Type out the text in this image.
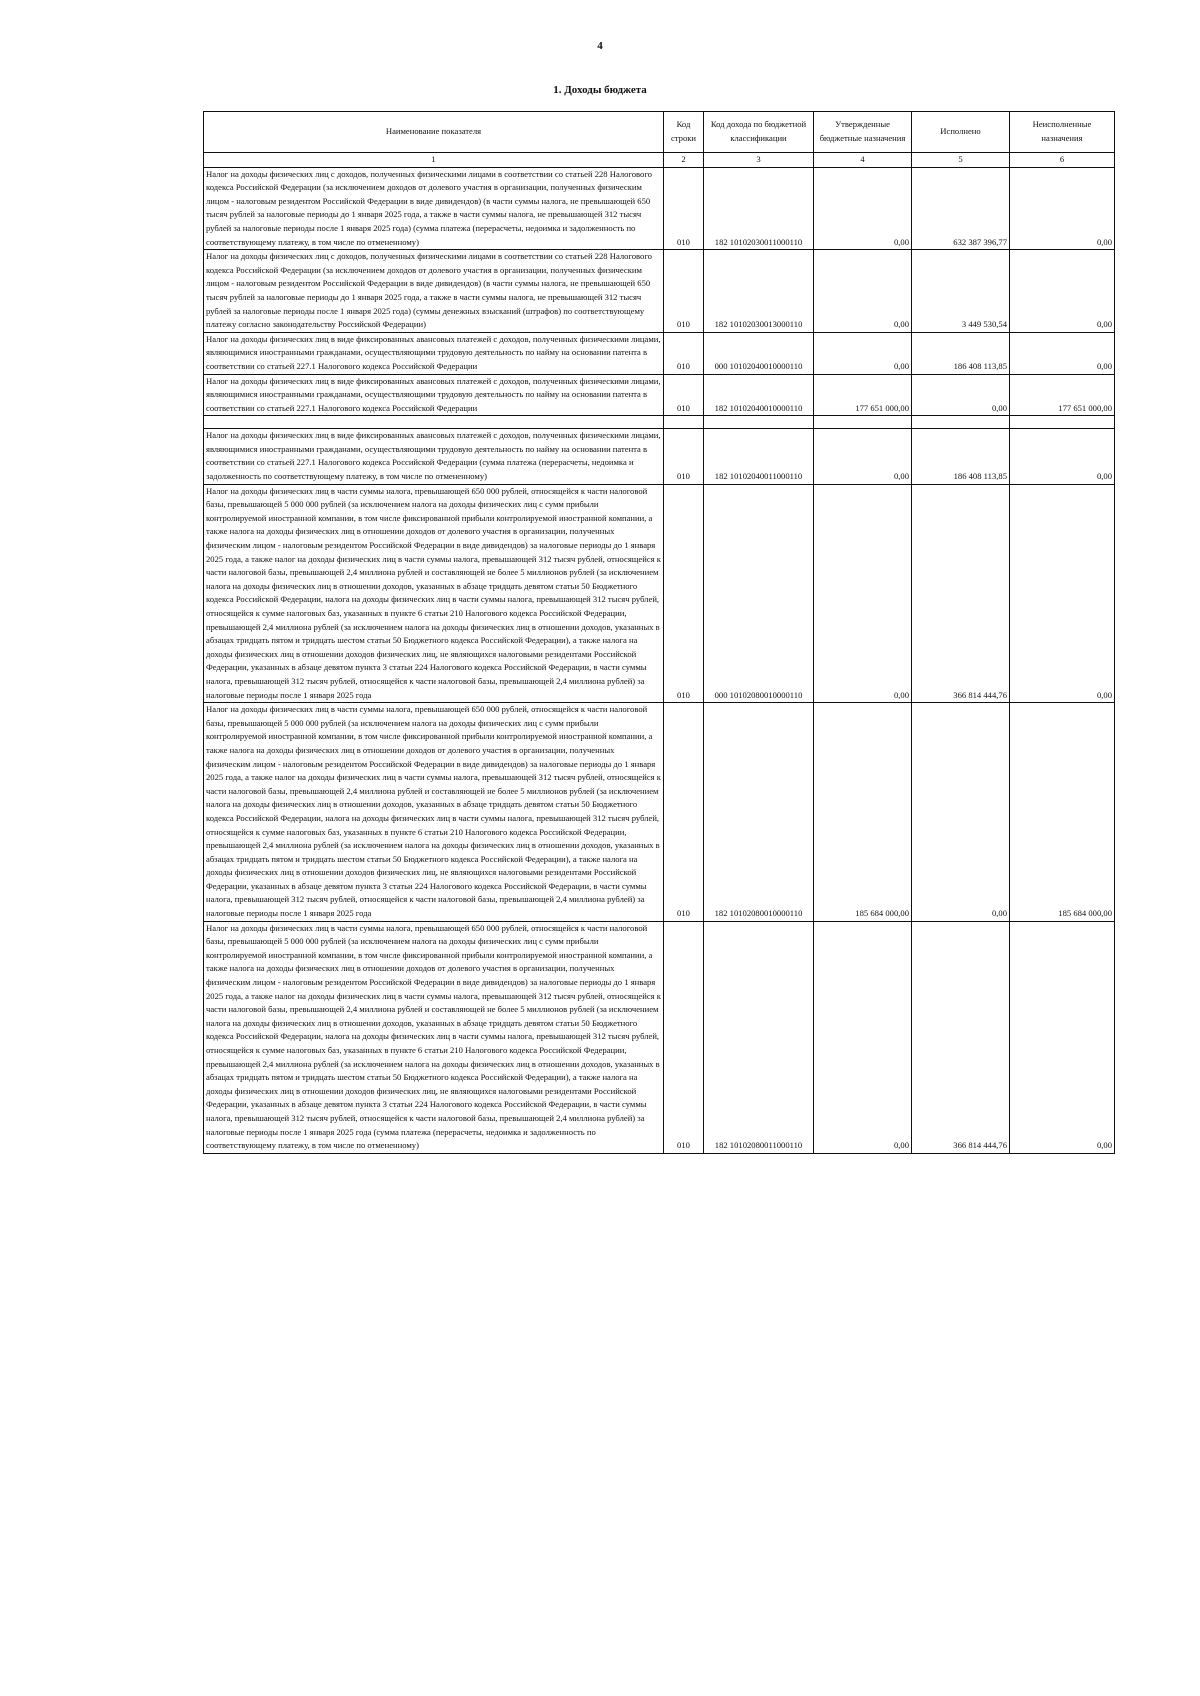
4
1. Доходы бюджета
Наименование показателя	Код строки	Код дохода по бюджетной классификации	Утвержденные бюджетные назначения	Исполнено	Неисполненные назначения
1	2	3	4	5	6
Налог на доходы физических лиц с доходов, полученных физическими лицами в соответствии со статьей 228 Налогового кодекса Российской Федерации (за исключением доходов от долевого участия в организации, полученных физическим лицом - налоговым резидентом Российской Федерации в виде дивидендов) (в части суммы налога, не превышающей 650 тысяч рублей за налоговые периоды до 1 января 2025 года, а также в части суммы налога, не превышающей 312 тысяч рублей за налоговые периоды после 1 января 2025 года) (сумма платежа (перерасчеты, недоимка и задолженность по соответствующему платежу, в том числе по отмененному)	010	182 10102030011000110	0,00	632 387 396,77	0,00
Налог на доходы физических лиц с доходов, полученных физическими лицами в соответствии со статьей 228 Налогового кодекса Российской Федерации (за исключением доходов от долевого участия в организации, полученных физическим лицом - налоговым резидентом Российской Федерации в виде дивидендов) (в части суммы налога, не превышающей 650 тысяч рублей за налоговые периоды до 1 января 2025 года, а также в части суммы налога, не превышающей 312 тысяч рублей за налоговые периоды после 1 января 2025 года) (суммы денежных взысканий (штрафов) по соответствующему платежу согласно законодательству Российской Федерации)	010	182 10102030013000110	0,00	3 449 530,54	0,00
Налог на доходы физических лиц в виде фиксированных авансовых платежей с доходов, полученных физическими лицами, являющимися иностранными гражданами, осуществляющими трудовую деятельность по найму на основании патента в соответствии со статьей 227.1 Налогового кодекса Российской Федерации	010	000 10102040010000110	0,00	186 408 113,85	0,00
Налог на доходы физических лиц в виде фиксированных авансовых платежей с доходов, полученных физическими лицами, являющимися иностранными гражданами, осуществляющими трудовую деятельность по найму на основании патента в соответствии со статьей 227.1 Налогового кодекса Российской Федерации	010	182 10102040010000110	177 651 000,00	0,00	177 651 000,00

Налог на доходы физических лиц в виде фиксированных авансовых платежей с доходов, полученных физическими лицами, являющимися иностранными гражданами, осуществляющими трудовую деятельность по найму на основании патента в соответствии со статьей 227.1 Налогового кодекса Российской Федерации (сумма платежа (перерасчеты, недоимка и задолженность по соответствующему платежу, в том числе по отмененному)	010	182 10102040011000110	0,00	186 408 113,85	0,00
Налог на доходы физических лиц в части суммы налога, превышающей 650 000 рублей, относящейся к части налоговой базы, превышающей 5 000 000 рублей (за исключением налога на доходы физических лиц с сумм прибыли контролируемой иностранной компании, в том числе фиксированной прибыли контролируемой иностранной компании, а также налога на доходы физических лиц в отношении доходов от долевого участия в организации, полученных физическим лицом - налоговым резидентом Российской Федерации в виде дивидендов) за налоговые периоды до 1 января 2025 года, а также налог на доходы физических лиц в части суммы налога, превышающей 312 тысяч рублей, относящейся к части налоговой базы, превышающей 2,4 миллиона рублей и составляющей не более 5 миллионов рублей (за исключением налога на доходы физических лиц в отношении доходов, указанных в абзаце тридцать девятом статьи 50 Бюджетного кодекса Российской Федерации, налога на доходы физических лиц в части суммы налога, превышающей 312 тысяч рублей, относящейся к сумме налоговых баз, указанных в пункте 6 статьи 210 Налогового кодекса Российской Федерации, превышающей 2,4 миллиона рублей (за исключением налога на доходы физических лиц в отношении доходов, указанных в абзацах тридцать пятом и тридцать шестом статьи 50 Бюджетного кодекса Российской Федерации), а также налога на доходы физических лиц в отношении доходов физических лиц, не являющихся налоговыми резидентами Российской Федерации, указанных в абзаце девятом пункта 3 статьи 224 Налогового кодекса Российской Федерации, в части суммы налога, превышающей 312 тысяч рублей, относящейся к части налоговой базы, превышающей 2,4 миллиона рублей) за налоговые периоды после 1 января 2025 года	010	000 10102080010000110	0,00	366 814 444,76	0,00
Налог на доходы физических лиц в части суммы налога, превышающей 650 000 рублей, относящейся к части налоговой базы, превышающей 5 000 000 рублей (за исключением налога на доходы физических лиц с сумм прибыли контролируемой иностранной компании, в том числе фиксированной прибыли контролируемой иностранной компании, а также налога на доходы физических лиц в отношении доходов от долевого участия в организации, полученных физическим лицом - налоговым резидентом Российской Федерации в виде дивидендов) за налоговые периоды до 1 января 2025 года, а также налог на доходы физических лиц в части суммы налога, превышающей 312 тысяч рублей, относящейся к части налоговой базы, превышающей 2,4 миллиона рублей и составляющей не более 5 миллионов рублей (за исключением налога на доходы физических лиц в отношении доходов, указанных в абзаце тридцать девятом статьи 50 Бюджетного кодекса Российской Федерации, налога на доходы физических лиц в части суммы налога, превышающей 312 тысяч рублей, относящейся к сумме налоговых баз, указанных в пункте 6 статьи 210 Налогового кодекса Российской Федерации, превышающей 2,4 миллиона рублей (за исключением налога на доходы физических лиц в отношении доходов, указанных в абзацах тридцать пятом и тридцать шестом статьи 50 Бюджетного кодекса Российской Федерации), а также налога на доходы физических лиц в отношении доходов физических лиц, не являющихся налоговыми резидентами Российской Федерации, указанных в абзаце девятом пункта 3 статьи 224 Налогового кодекса Российской Федерации, в части суммы налога, превышающей 312 тысяч рублей, относящейся к части налоговой базы, превышающей 2,4 миллиона рублей) за налоговые периоды после 1 января 2025 года	010	182 10102080010000110	185 684 000,00	0,00	185 684 000,00
Налог на доходы физических лиц в части суммы налога, превышающей 650 000 рублей, относящейся к части налоговой базы, превышающей 5 000 000 рублей (за исключением налога на доходы физических лиц с сумм прибыли контролируемой иностранной компании, в том числе фиксированной прибыли контролируемой иностранной компании, а также налога на доходы физических лиц в отношении доходов от долевого участия в организации, полученных физическим лицом - налоговым резидентом Российской Федерации в виде дивидендов) за налоговые периоды до 1 января 2025 года, а также налог на доходы физических лиц в части суммы налога, превышающей 312 тысяч рублей, относящейся к части налоговой базы, превышающей 2,4 миллиона рублей и составляющей не более 5 миллионов рублей (за исключением налога на доходы физических лиц в отношении доходов, указанных в абзаце тридцать девятом статьи 50 Бюджетного кодекса Российской Федерации, налога на доходы физических лиц в части суммы налога, превышающей 312 тысяч рублей, относящейся к сумме налоговых баз, указанных в пункте 6 статьи 210 Налогового кодекса Российской Федерации, превышающей 2,4 миллиона рублей (за исключением налога на доходы физических лиц в отношении доходов, указанных в абзацах тридцать пятом и тридцать шестом статьи 50 Бюджетного кодекса Российской Федерации), а также налога на доходы физических лиц в отношении доходов физических лиц, не являющихся налоговыми резидентами Российской Федерации, указанных в абзаце девятом пункта 3 статьи 224 Налогового кодекса Российской Федерации, в части суммы налога, превышающей 312 тысяч рублей, относящейся к части налоговой базы, превышающей 2,4 миллиона рублей) за налоговые периоды после 1 января 2025 года (сумма платежа (перерасчеты, недоимка и задолженность по соответствующему платежу, в том числе по отмененному)	010	182 10102080011000110	0,00	366 814 444,76	0,00
